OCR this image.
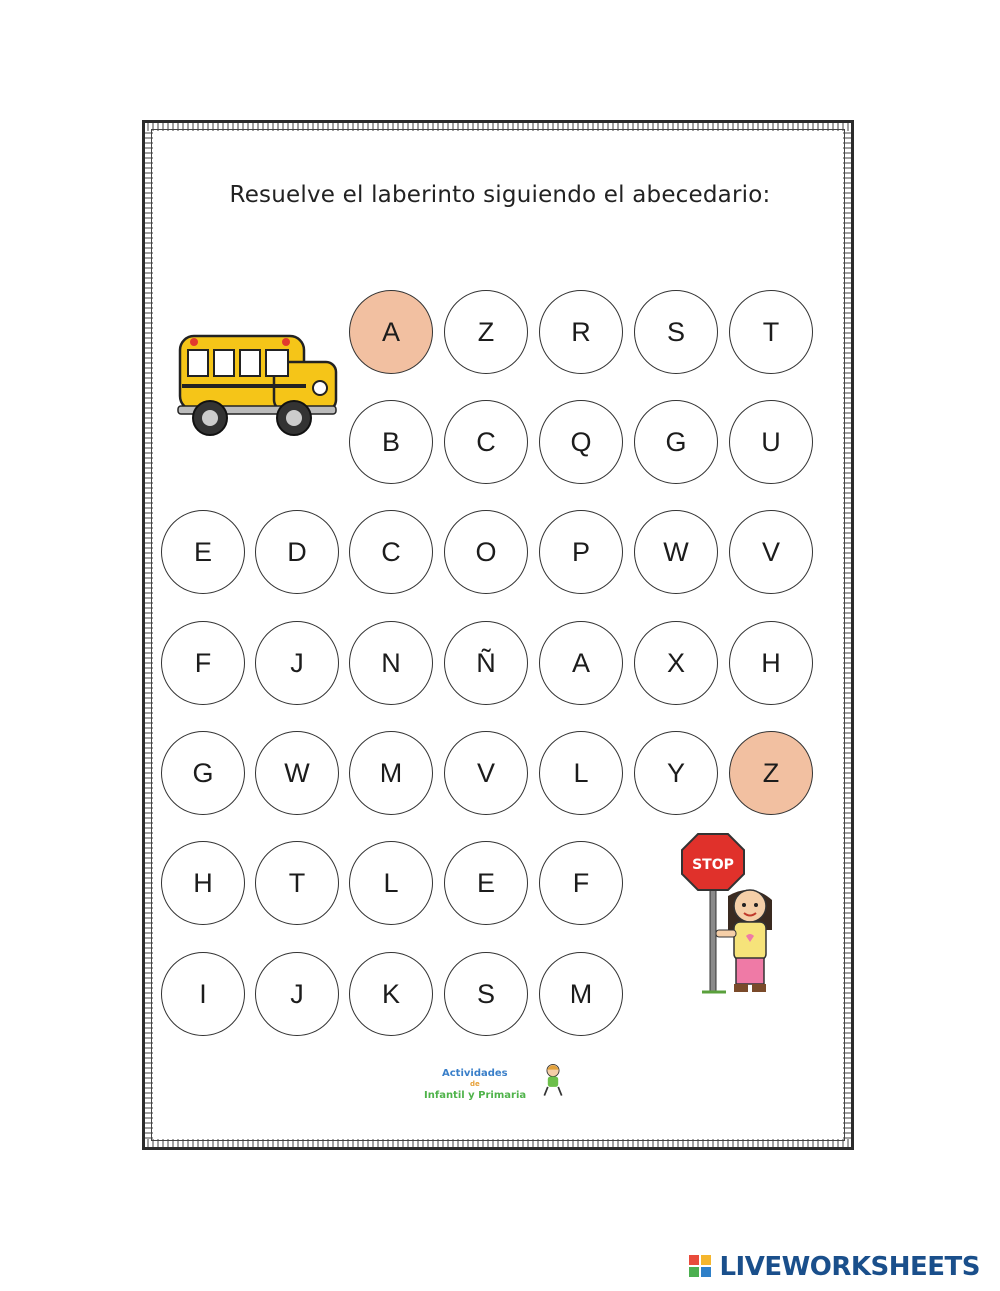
Resuelve el laberinto siguiendo el abecedario:
A	Z	R	S	T
B	C	Q	G	U
E	D	C	O	P	W	V
F	J	N	Ñ	A	X	H
G	W	M	V	L	Y	Z
H	T	L	E	F
I	J	K	S	M
STOP
Actividades
de
Infantil y Primaria
LIVEWORKSHEETS
